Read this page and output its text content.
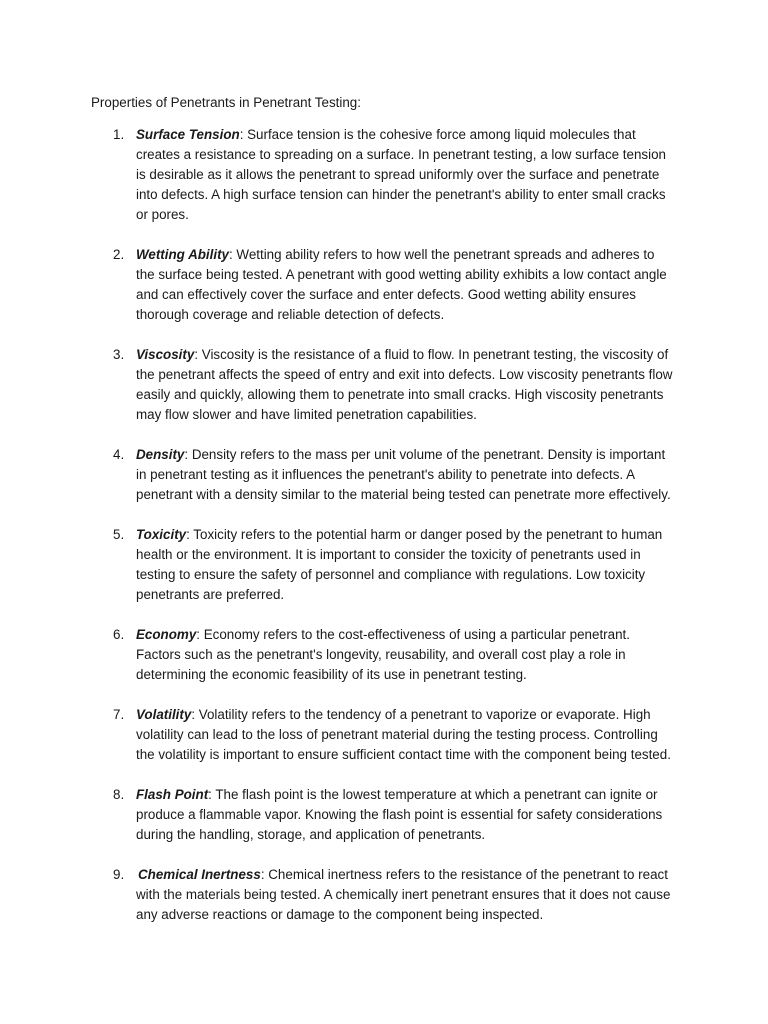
Properties of Penetrants in Penetrant Testing:
1. Surface Tension: Surface tension is the cohesive force among liquid molecules that creates a resistance to spreading on a surface. In penetrant testing, a low surface tension is desirable as it allows the penetrant to spread uniformly over the surface and penetrate into defects. A high surface tension can hinder the penetrant's ability to enter small cracks or pores.
2. Wetting Ability: Wetting ability refers to how well the penetrant spreads and adheres to the surface being tested. A penetrant with good wetting ability exhibits a low contact angle and can effectively cover the surface and enter defects. Good wetting ability ensures thorough coverage and reliable detection of defects.
3. Viscosity: Viscosity is the resistance of a fluid to flow. In penetrant testing, the viscosity of the penetrant affects the speed of entry and exit into defects. Low viscosity penetrants flow easily and quickly, allowing them to penetrate into small cracks. High viscosity penetrants may flow slower and have limited penetration capabilities.
4. Density: Density refers to the mass per unit volume of the penetrant. Density is important in penetrant testing as it influences the penetrant's ability to penetrate into defects. A penetrant with a density similar to the material being tested can penetrate more effectively.
5. Toxicity: Toxicity refers to the potential harm or danger posed by the penetrant to human health or the environment. It is important to consider the toxicity of penetrants used in testing to ensure the safety of personnel and compliance with regulations. Low toxicity penetrants are preferred.
6. Economy: Economy refers to the cost-effectiveness of using a particular penetrant. Factors such as the penetrant's longevity, reusability, and overall cost play a role in determining the economic feasibility of its use in penetrant testing.
7. Volatility: Volatility refers to the tendency of a penetrant to vaporize or evaporate. High volatility can lead to the loss of penetrant material during the testing process. Controlling the volatility is important to ensure sufficient contact time with the component being tested.
8. Flash Point: The flash point is the lowest temperature at which a penetrant can ignite or produce a flammable vapor. Knowing the flash point is essential for safety considerations during the handling, storage, and application of penetrants.
9. Chemical Inertness: Chemical inertness refers to the resistance of the penetrant to react with the materials being tested. A chemically inert penetrant ensures that it does not cause any adverse reactions or damage to the component being inspected.
